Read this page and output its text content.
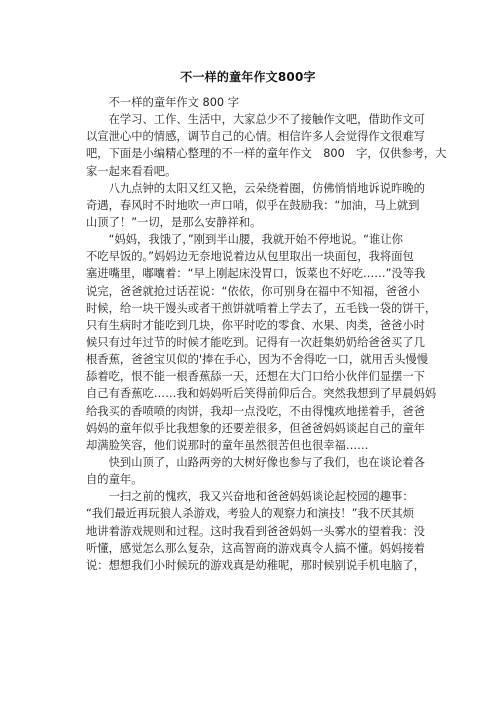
不一样的童年作文800字
　　不一样的童年作文 800 字
　　在学习、工作、生活中，大家总少不了接触作文吧，借助作文可
以宣泄心中的情感，调节自己的心情。相信许多人会觉得作文很难写
吧，下面是小编精心整理的不一样的童年作文　800　字，仅供参考，大
家一起来看看吧。
　　八九点钟的太阳又红又艳，云朵绕着圈，仿佛悄悄地诉说昨晚的
奇遇，春风时不时地吹一声口哨，似乎在鼓励我：“加油，马上就到
山顶了！”一切，是那么安静祥和。
　　“妈妈，我饿了，”刚到半山腰，我就开始不停地说。“谁让你
不吃早饭的。”妈妈边无奈地说着边从包里取出一块面包，我将面包
塞进嘴里，嘟囔着：“早上刚起床没胃口，饭菜也不好吃……”没等我
说完，爸爸就抢过话茬说：“依依，你可别身在福中不知福，爸爸小
时候，给一块干馒头或者干煎饼就啃着上学去了，五毛钱一袋的饼干，
只有生病时才能吃到几块，你平时吃的零食、水果、肉类，爸爸小时
候只有过年过节的时候才能吃到。记得有一次赶集奶奶给爸爸买了几
根香蕉，爸爸宝贝似的'捧在手心，因为不舍得吃一口，就用舌头慢慢
舔着吃，恨不能一根香蕉舔一天，还想在大门口给小伙伴们显摆一下
自己有香蕉吃……我和妈妈听后笑得前仰后合。突然我想到了早晨妈妈
给我买的香喷喷的肉饼，我却一点没吃，不由得愧疚地搓着手，爸爸
妈妈的童年似乎比我想象的还要差很多，但爸爸妈妈谈起自己的童年
却满脸笑容，他们说那时的童年虽然很苦但也很幸福……
　　快到山顶了，山路两旁的大树好像也参与了我们，也在谈论着各
自的童年。
　　一扫之前的愧疚，我又兴奋地和爸爸妈妈谈论起校园的趣事：
“我们最近再玩狼人杀游戏，考验人的观察力和演技！”我不厌其烦
地讲着游戏规则和过程。这时我看到爸爸妈妈一头雾水的望着我：没
听懂，感觉怎么那么复杂，这高智商的游戏真令人搞不懂。妈妈接着
说：想想我们小时候玩的游戏真是幼稚呢，那时候别说手机电脑了，
